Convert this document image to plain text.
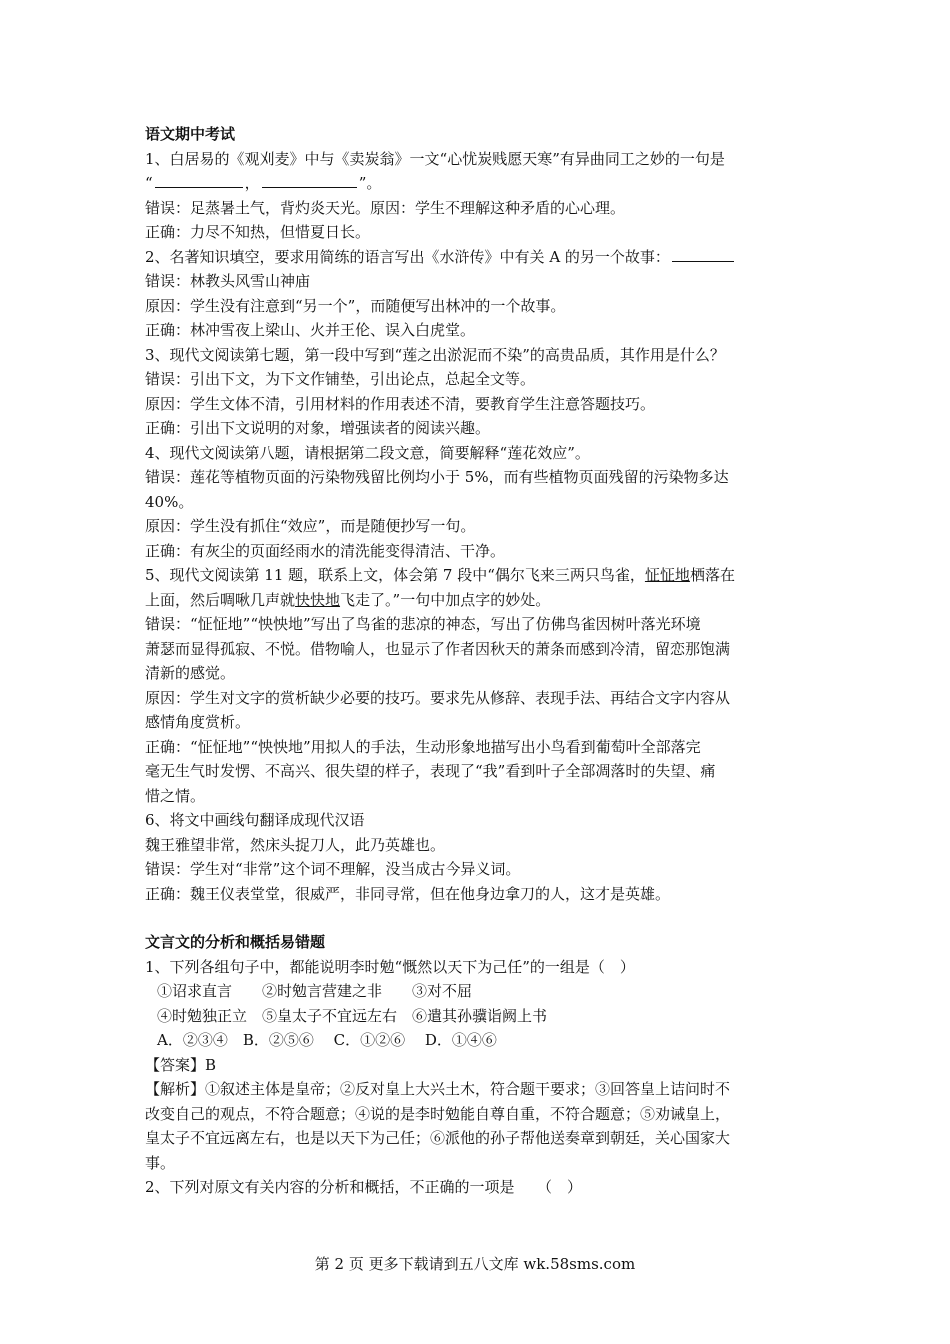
语文期中考试
1、白居易的《观刈麦》中与《卖炭翁》一文“心忧炭贱愿天寒”有异曲同工之妙的一句是
“	，	”。
错误：足蒸暑土气，背灼炎天光。原因：学生不理解这种矛盾的心心理。
正确：力尽不知热，但惜夏日长。
2、名著知识填空，要求用简练的语言写出《水浒传》中有关 A 的另一个故事：
错误：林教头风雪山神庙
原因：学生没有注意到“另一个”，而随便写出林冲的一个故事。
正确：林冲雪夜上梁山、火并王伦、误入白虎堂。
3、现代文阅读第七题，第一段中写到“莲之出淤泥而不染”的高贵品质，其作用是什么？
错误：引出下文，为下文作铺垫，引出论点，总起全文等。
原因：学生文体不清，引用材料的作用表述不清，要教育学生注意答题技巧。
正确：引出下文说明的对象，增强读者的阅读兴趣。
4、现代文阅读第八题，请根据第二段文意，简要解释“莲花效应”。
错误：莲花等植物页面的污染物残留比例均小于 5%，而有些植物页面残留的污染物多达
40%。
原因：学生没有抓住“效应”，而是随便抄写一句。
正确：有灰尘的页面经雨水的清洗能变得清洁、干净。
5、现代文阅读第 11 题，联系上文，体会第 7 段中“偶尔飞来三两只鸟雀，怔怔地栖落在
上面，然后啁啾几声就快快地飞走了。”一句中加点字的妙处。
错误：“怔怔地”“怏怏地”写出了鸟雀的悲凉的神态，写出了仿佛鸟雀因树叶落光环境
萧瑟而显得孤寂、不悦。借物喻人，也显示了作者因秋天的萧条而感到冷清，留恋那饱满
清新的感觉。
原因：学生对文字的赏析缺少必要的技巧。要求先从修辞、表现手法、再结合文字内容从
感情角度赏析。
正确：“怔怔地”“怏怏地”用拟人的手法，生动形象地描写出小鸟看到葡萄叶全部落完
毫无生气时发愣、不高兴、很失望的样子，表现了“我”看到叶子全部凋落时的失望、痛
惜之情。
6、将文中画线句翻译成现代汉语
魏王雅望非常，然床头捉刀人，此乃英雄也。
错误：学生对“非常”这个词不理解，没当成古今异义词。
正确：魏王仪表堂堂，很威严，非同寻常，但在他身边拿刀的人，这才是英雄。
文言文的分析和概括易错题
1、下列各组句子中，都能说明李时勉“慨然以天下为己任”的一组是（　）
①诏求直言　　②时勉言营建之非　　③对不屈
④时勉独正立　⑤皇太子不宜远左右　⑥遣其孙骥诣阙上书
A．②③④　B．②⑤⑥　 C．①②⑥　 D．①④⑥
【答案】B
【解析】①叙述主体是皇帝；②反对皇上大兴土木，符合题干要求；③回答皇上诘问时不
改变自己的观点，不符合题意；④说的是李时勉能自尊自重，不符合题意；⑤劝诫皇上，
皇太子不宜远离左右，也是以天下为己任；⑥派他的孙子帮他送奏章到朝廷，关心国家大
事。
2、下列对原文有关内容的分析和概括，不正确的一项是　　（　）
第 2 页 更多下载请到五八文库 wk.58sms.com
